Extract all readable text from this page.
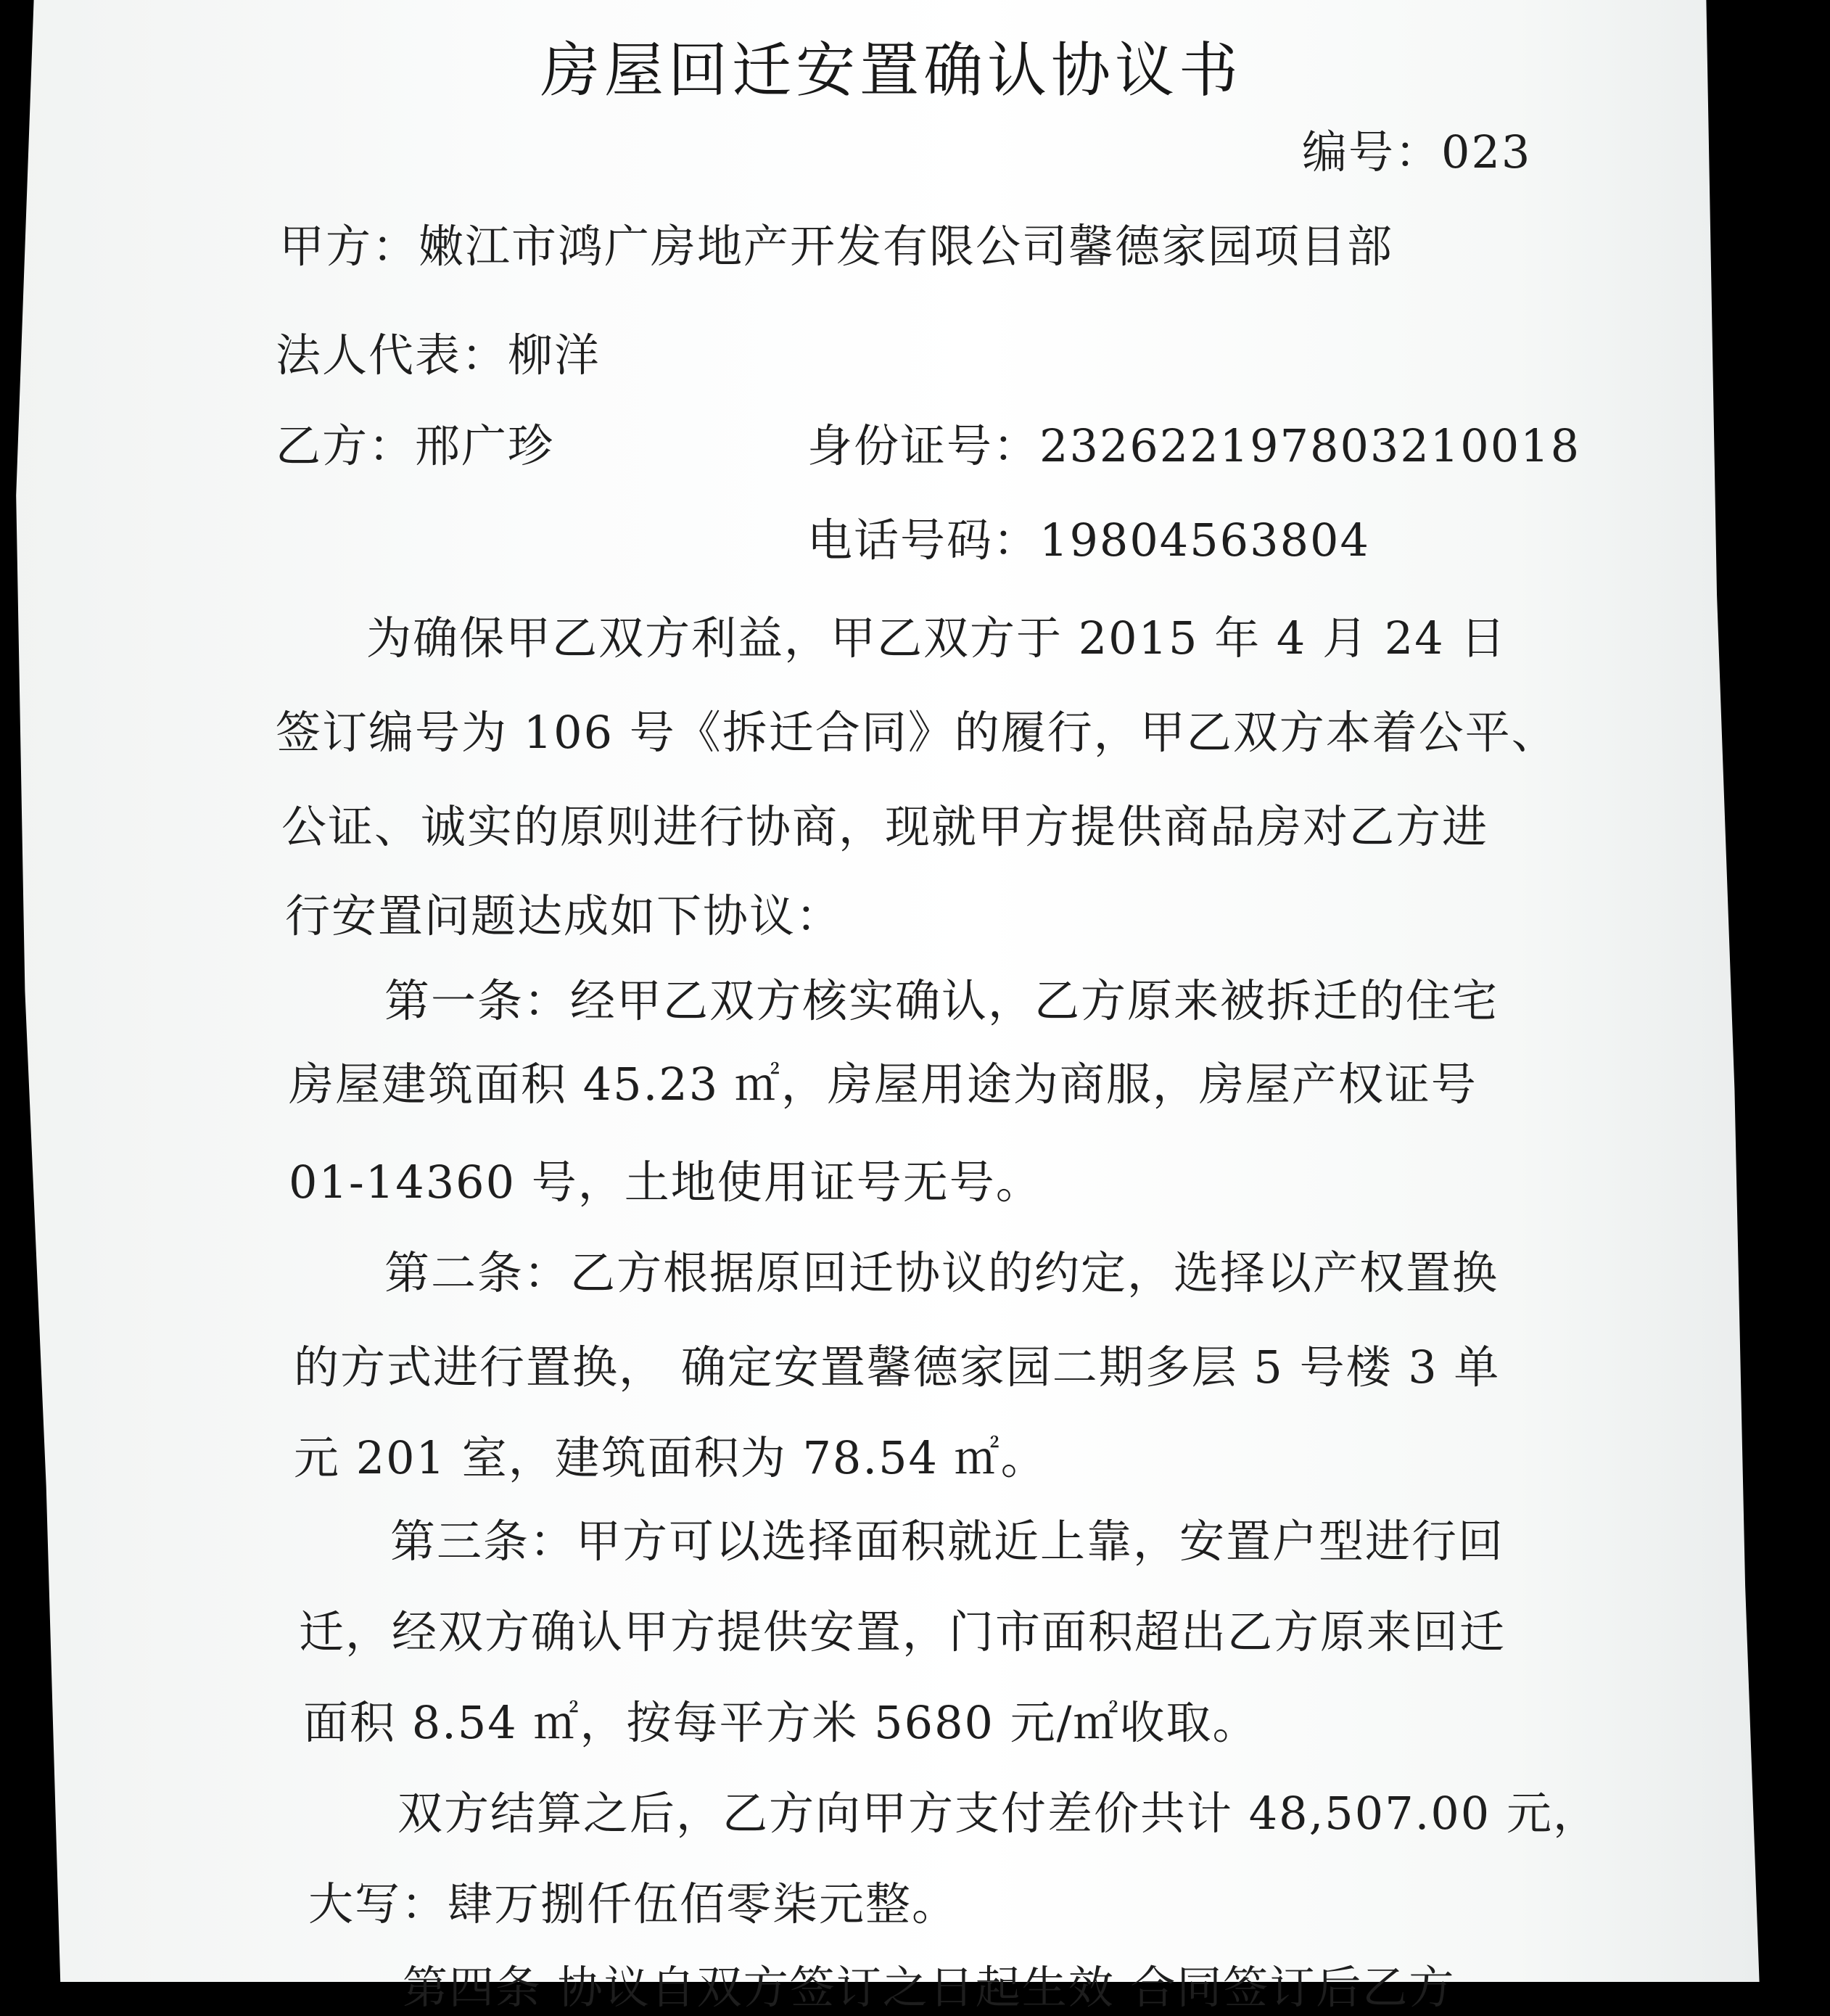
房屋回迁安置确认协议书
编号：023
甲方：嫩江市鸿广房地产开发有限公司馨德家园项目部
法人代表：柳洋
乙方：邢广珍	身份证号：232622197803210018
电话号码：19804563804
为确保甲乙双方利益，甲乙双方于 2015 年 4 月 24 日
签订编号为 106 号《拆迁合同》的履行，甲乙双方本着公平、
公证、诚实的原则进行协商，现就甲方提供商品房对乙方进
行安置问题达成如下协议：
第一条：经甲乙双方核实确认，乙方原来被拆迁的住宅
房屋建筑面积 45.23 ㎡，房屋用途为商服，房屋产权证号
01-14360 号，土地使用证号无号。
第二条：乙方根据原回迁协议的约定，选择以产权置换
的方式进行置换， 确定安置馨德家园二期多层 5 号楼 3 单
元 201 室，建筑面积为 78.54 ㎡。
第三条：甲方可以选择面积就近上靠，安置户型进行回
迁，经双方确认甲方提供安置，门市面积超出乙方原来回迁
面积 8.54 ㎡，按每平方米 5680 元/㎡收取。
双方结算之后，乙方向甲方支付差价共计 48,507.00 元，
大写：肆万捌仟伍佰零柒元整。
第四条 协议自双方签订之日起生效 合同签订后乙方
